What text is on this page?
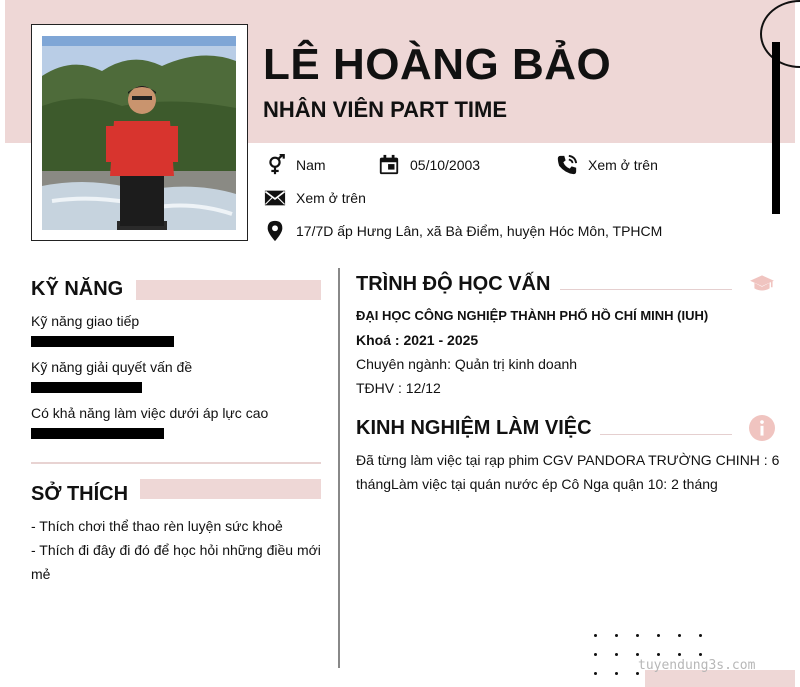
LÊ HOÀNG BẢO
NHÂN VIÊN PART TIME
Nam	05/10/2003	Xem ở trên
Xem ở trên
17/7D ấp Hưng Lân, xã Bà Điểm, huyện Hóc Môn, TPHCM
KỸ NĂNG
Kỹ năng giao tiếp
Kỹ năng giải quyết vấn đề
Có khả năng làm việc dưới áp lực cao
SỞ THÍCH
- Thích chơi thể thao rèn luyện sức khoẻ
- Thích đi đây đi đó để học hỏi những điều mới
mẻ
TRÌNH ĐỘ HỌC VẤN
ĐẠI HỌC CÔNG NGHIỆP THÀNH PHỐ HỒ CHÍ MINH (IUH)
Khoá : 2021 - 2025
Chuyên ngành: Quản trị kinh doanh
TĐHV : 12/12
KINH NGHIỆM LÀM VIỆC
Đã từng làm việc tại rạp phim CGV PANDORA TRƯỜNG CHINH : 6
thángLàm việc tại quán nước ép Cô Nga quận 10: 2 tháng
tuyendung3s.com
